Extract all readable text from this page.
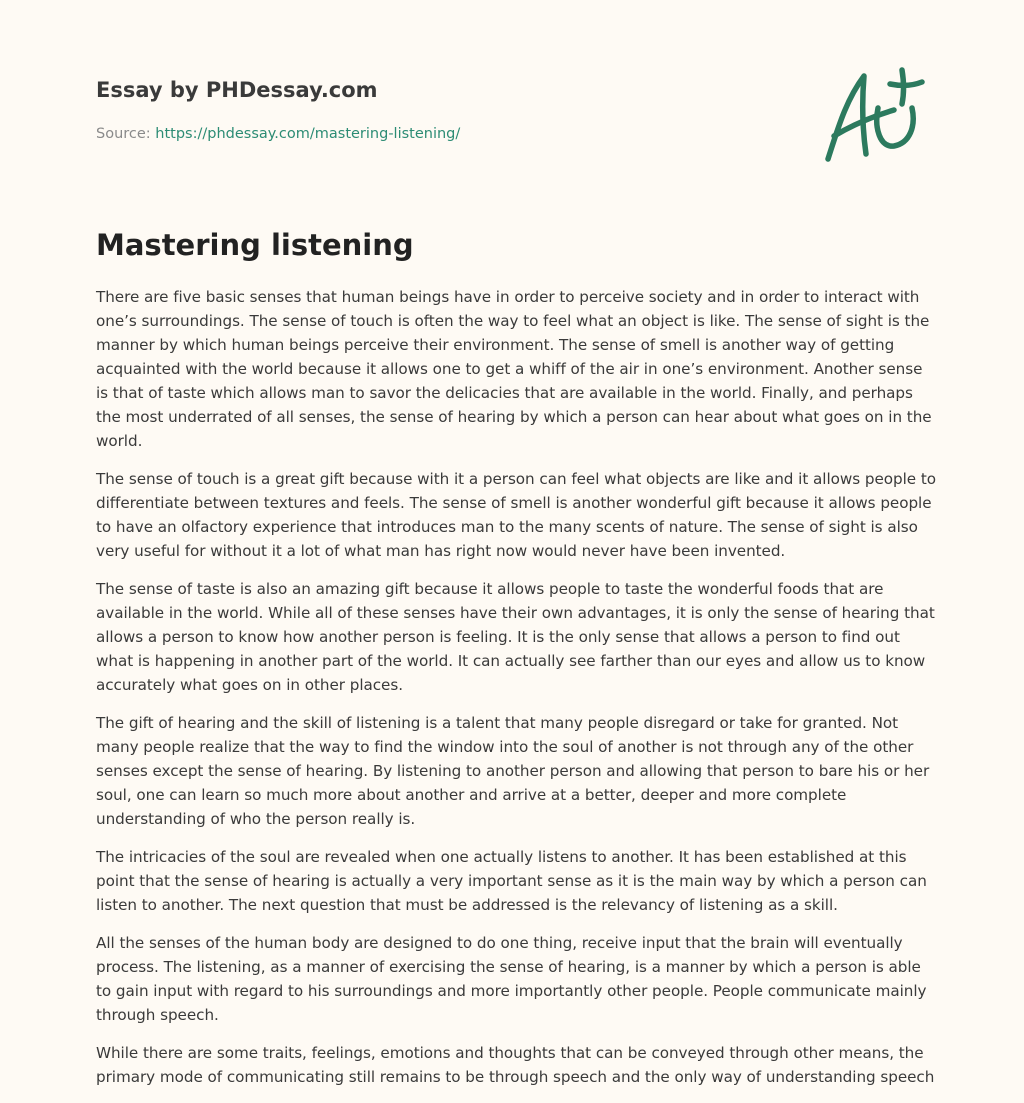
Essay by PHDessay.com
Source: https://phdessay.com/mastering-listening/
Mastering listening

There are five basic senses that human beings have in order to perceive society and in order to interact with one’s surroundings. The sense of touch is often the way to feel what an object is like. The sense of sight is the manner by which human beings perceive their environment. The sense of smell is another way of getting acquainted with the world because it allows one to get a whiff of the air in one’s environment. Another sense is that of taste which allows man to savor the delicacies that are available in the world. Finally, and perhaps the most underrated of all senses, the sense of hearing by which a person can hear about what goes on in the world.

The sense of touch is a great gift because with it a person can feel what objects are like and it allows people to differentiate between textures and feels. The sense of smell is another wonderful gift because it allows people to have an olfactory experience that introduces man to the many scents of nature. The sense of sight is also very useful for without it a lot of what man has right now would never have been invented.

The sense of taste is also an amazing gift because it allows people to taste the wonderful foods that are available in the world. While all of these senses have their own advantages, it is only the sense of hearing that allows a person to know how another person is feeling. It is the only sense that allows a person to find out what is happening in another part of the world. It can actually see farther than our eyes and allow us to know accurately what goes on in other places.

The gift of hearing and the skill of listening is a talent that many people disregard or take for granted. Not many people realize that the way to find the window into the soul of another is not through any of the other senses except the sense of hearing. By listening to another person and allowing that person to bare his or her soul, one can learn so much more about another and arrive at a better, deeper and more complete understanding of who the person really is.

The intricacies of the soul are revealed when one actually listens to another. It has been established at this point that the sense of hearing is actually a very important sense as it is the main way by which a person can listen to another. The next question that must be addressed is the relevancy of listening as a skill.

All the senses of the human body are designed to do one thing, receive input that the brain will eventually process. The listening, as a manner of exercising the sense of hearing, is a manner by which a person is able to gain input with regard to his surroundings and more importantly other people. People communicate mainly through speech.

While there are some traits, feelings, emotions and thoughts that can be conveyed through other means, the primary mode of communicating still remains to be through speech and the only way of understanding speech
